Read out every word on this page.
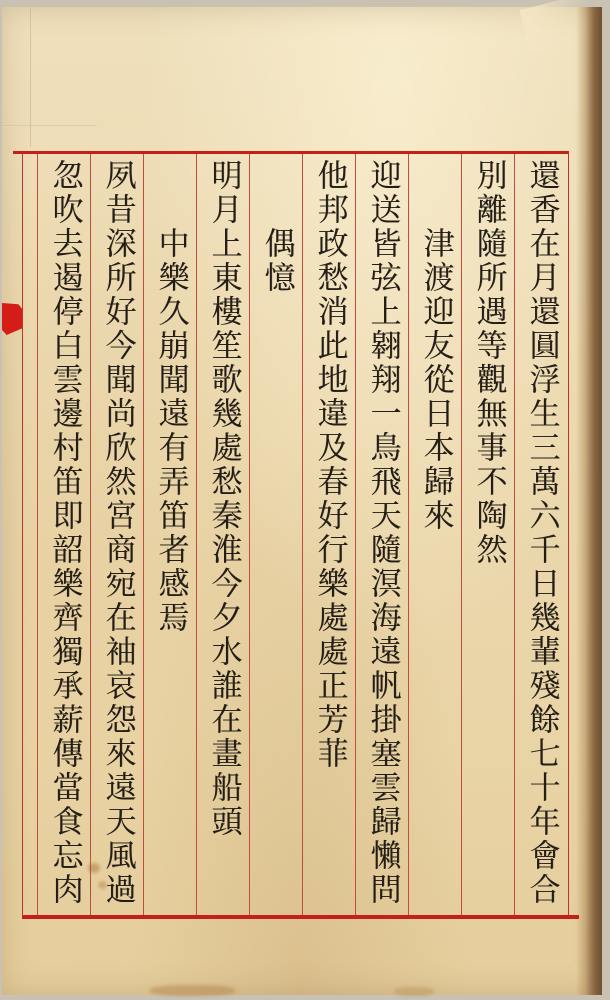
還香在月還圓浮生三萬六千日幾輩殘餘七十年會合
別離隨所遇等觀無事不陶然
津渡迎友從日本歸來
迎送皆弦上翱翔一鳥飛天隨溟海遠帆掛塞雲歸懶問
他邦政愁消此地違及春好行樂處處正芳菲
偶憶
明月上東樓笙歌幾處愁秦淮今夕水誰在畫船頭
中樂久崩聞遠有弄笛者感焉
夙昔深所好今聞尚欣然宮商宛在袖哀怨來遠天風過
忽吹去遏停白雲邊村笛即韶樂齊獨承薪傳當食忘肉
